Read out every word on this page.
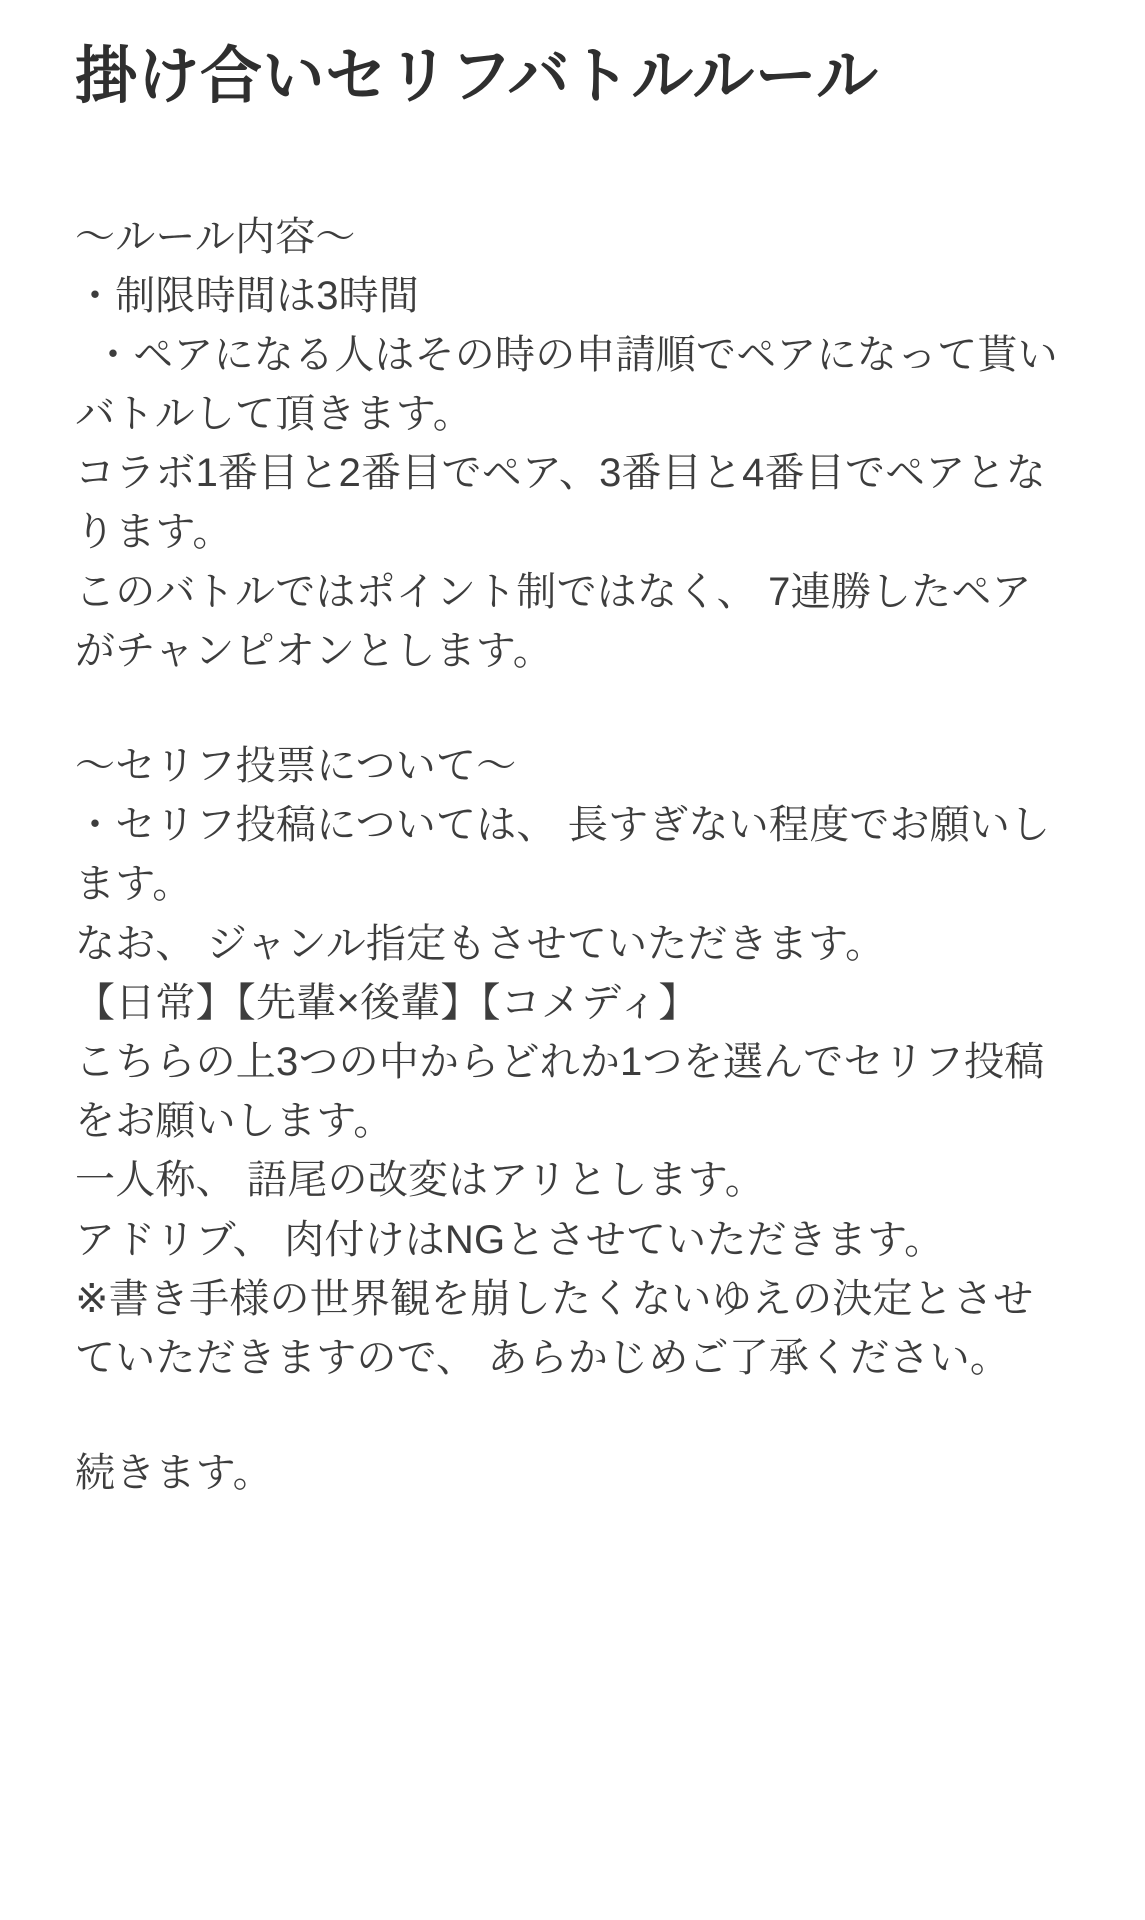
掛け合いセリフバトルルール

〜ルール内容〜

・制限時間は3時間

・ペアになる人はその時の申請順でペアになって貰いバトルして頂きます。

コラボ1番目と2番目でペア、3番目と4番目でペアとなります。

このバトルではポイント制ではなく、 7連勝したペアがチャンピオンとします。

〜セリフ投票について〜

・セリフ投稿については、 長すぎない程度でお願いします。

なお、 ジャンル指定もさせていただきます。

【日常】【先輩×後輩】【コメディ】

こちらの上3つの中からどれか1つを選んでセリフ投稿をお願いします。

一人称、 語尾の改変はアリとします。

アドリブ、 肉付けはNGとさせていただきます。

※書き手様の世界観を崩したくないゆえの決定とさせていただきますので、 あらかじめご了承ください。

続きます。
